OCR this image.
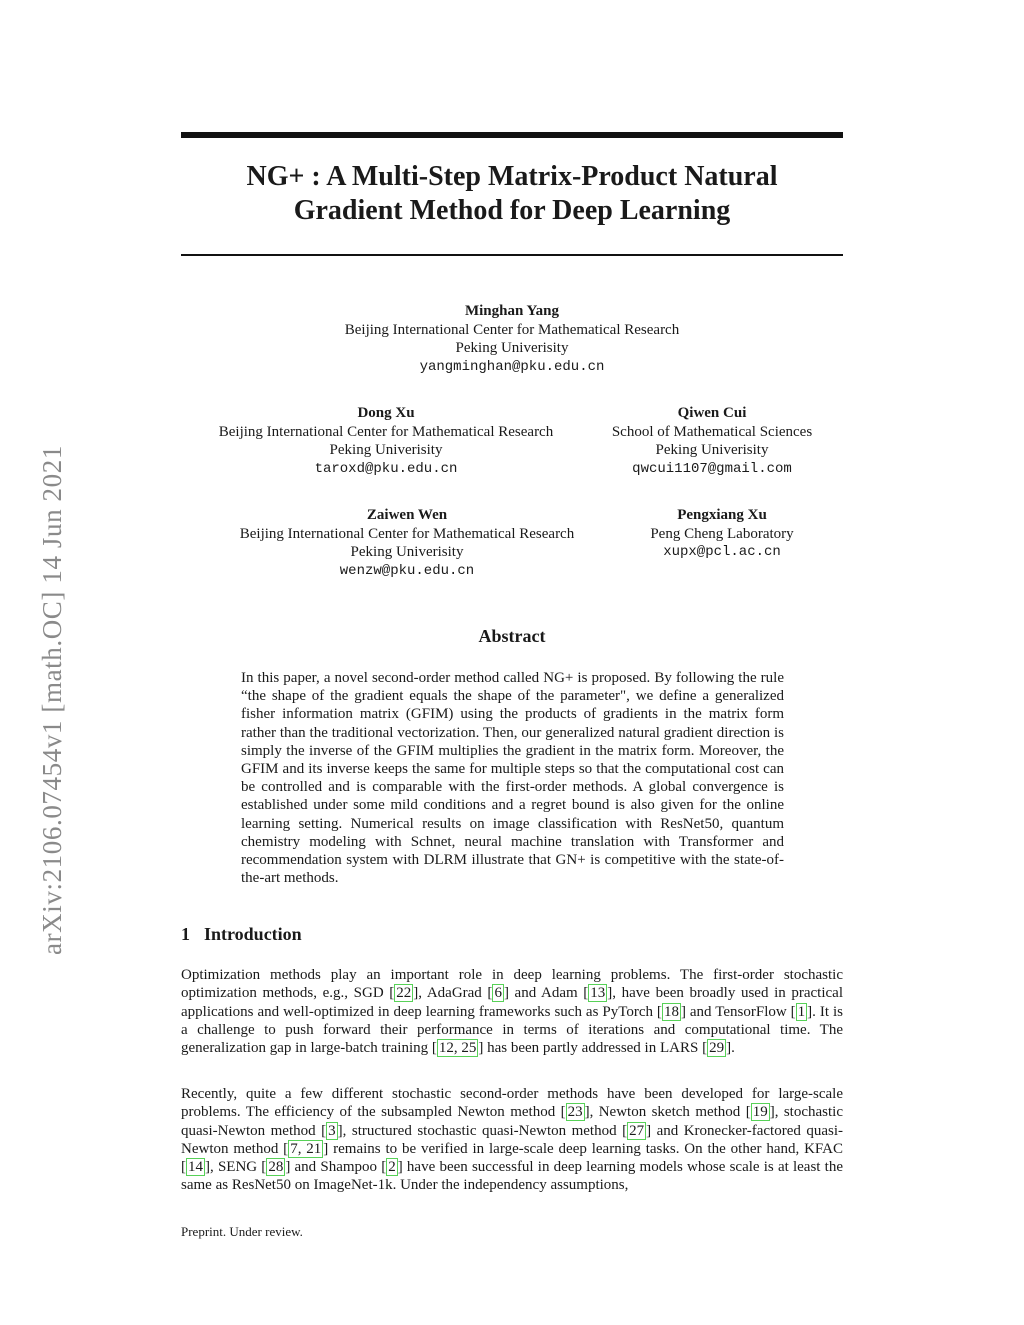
arXiv:2106.07454v1 [math.OC] 14 Jun 2021
NG+ : A Multi-Step Matrix-Product Natural
Gradient Method for Deep Learning
Minghan Yang
Beijing International Center for Mathematical Research
Peking Univerisity
yangminghan@pku.edu.cn
Dong Xu
Beijing International Center for Mathematical Research
Peking Univerisity
taroxd@pku.edu.cn
Qiwen Cui
School of Mathematical Sciences
Peking Univerisity
qwcui1107@gmail.com
Zaiwen Wen
Beijing International Center for Mathematical Research
Peking Univerisity
wenzw@pku.edu.cn
Pengxiang Xu
Peng Cheng Laboratory
xupx@pcl.ac.cn
Abstract

In this paper, a novel second-order method called NG+ is proposed. By following the rule “the shape of the gradient equals the shape of the parameter", we define a generalized fisher information matrix (GFIM) using the products of gradients in the matrix form rather than the traditional vectorization. Then, our generalized natural gradient direction is simply the inverse of the GFIM multiplies the gradient in the matrix form. Moreover, the GFIM and its inverse keeps the same for multiple steps so that the computational cost can be controlled and is comparable with the first-order methods. A global convergence is established under some mild conditions and a regret bound is also given for the online learning setting. Numerical results on image classification with ResNet50, quantum chemistry modeling with Schnet, neural machine translation with Transformer and recommendation system with DLRM illustrate that GN+ is competitive with the state-of-the-art methods.

1 Introduction

Optimization methods play an important role in deep learning problems. The first-order stochastic optimization methods, e.g., SGD [ 22 ], AdaGrad [ 6 ] and Adam [ 13 ], have been broadly used in practical applications and well-optimized in deep learning frameworks such as PyTorch [ 18 ] and TensorFlow [ 1 ]. It is a challenge to push forward their performance in terms of iterations and computational time. The generalization gap in large-batch training [ 12, 25 ] has been partly addressed in LARS [ 29 ].

Recently, quite a few different stochastic second-order methods have been developed for large-scale problems. The efficiency of the subsampled Newton method [ 23 ], Newton sketch method [ 19 ], stochastic quasi-Newton method [ 3 ], structured stochastic quasi-Newton method [ 27 ] and Kronecker-factored quasi-Newton method [ 7, 21 ] remains to be verified in large-scale deep learning tasks. On the other hand, KFAC [ 14 ], SENG [ 28 ] and Shampoo [ 2 ] have been successful in deep learning models whose scale is at least the same as ResNet50 on ImageNet-1k. Under the independency assumptions,

Preprint. Under review.
